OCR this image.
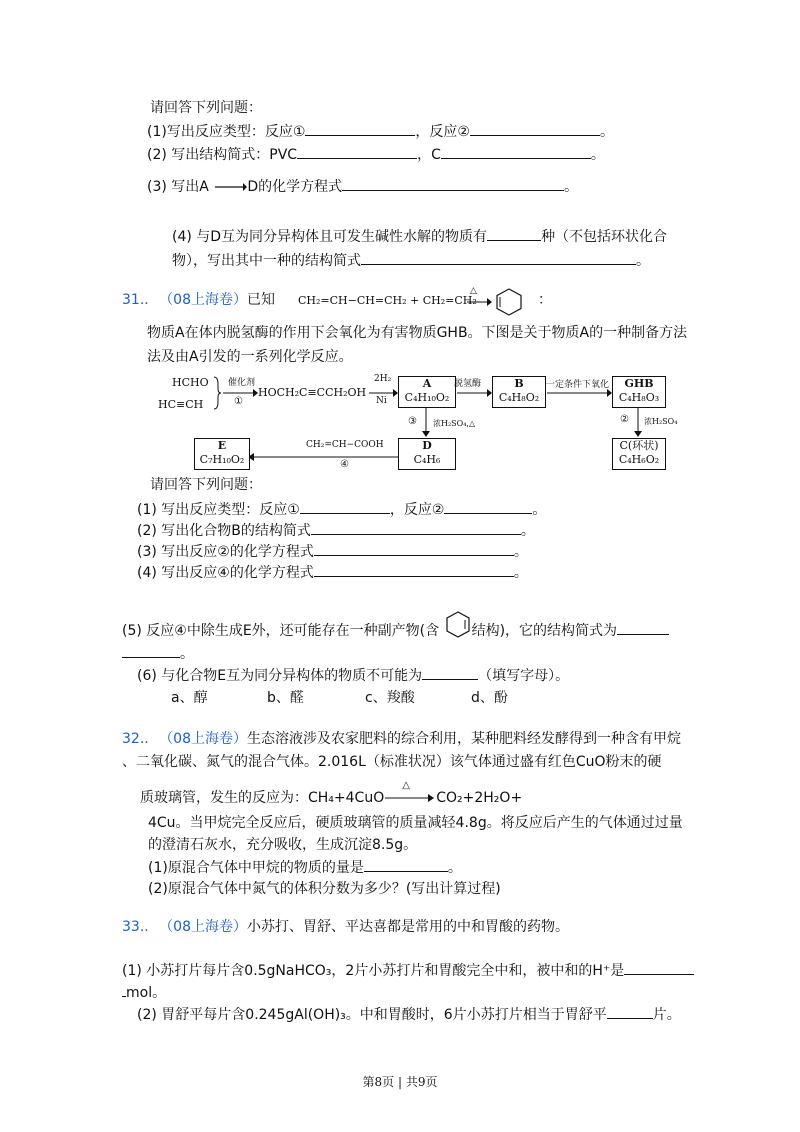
请回答下列问题：
(1)写出反应类型：反应①	，反应②	。
(2) 写出结构简式：PVC	，C	。
(3) 写出A	D的化学方程式	。
(4) 与D互为同分异构体且可发生碱性水解的物质有	种（不包括环状化合
物），写出其中一种的结构简式	。
31.. （08上海卷）已知 CH₂=CH−CH=CH₂ + CH₂=CH₂
△
：
物质A在体内脱氢酶的作用下会氧化为有害物质GHB。下图是关于物质A的一种制备方法
法及由A引发的一系列化学反应。
HCHO
HC≡CH
催化剂
①
HOCH₂C≡CCH₂OH
2H₂
Ni
A
C₄H₁₀O₂
脱氢酶	B
C₄H₈O₂
一定条件下氧化	GHB
C₄H₈O₃
③ 浓H₂SO₄,△
D
C₄H₆
CH₂=CH−COOH
④
E
C₇H₁₀O₂
② 浓H₂SO₄
C(环状)
C₄H₆O₂
请回答下列问题：
(1) 写出反应类型：反应①	，反应②	。
(2) 写出化合物B的结构简式	。
(3) 写出反应②的化学方程式	。
(4) 写出反应④的化学方程式	。
(5) 反应④中除生成E外，还可能存在一种副产物(含 结构)，它的结构简式为
。
(6) 与化合物E互为同分异构体的物质不可能为	（填写字母）。
a、醇	b、醛	c、羧酸	d、酚
32.. （08上海卷）生态溶液涉及农家肥料的综合利用，某种肥料经发酵得到一种含有甲烷
、二氧化碳、氮气的混合气体。2.016L（标准状况）该气体通过盛有红色CuO粉末的硬
质玻璃管，发生的反应为：CH₄+4CuO
△
CO₂+2H₂O+
4Cu。当甲烷完全反应后，硬质玻璃管的质量减轻4.8g。将反应后产生的气体通过过量
的澄清石灰水，充分吸收，生成沉淀8.5g。
(1)原混合气体中甲烷的物质的量是	。
(2)原混合气体中氮气的体积分数为多少？(写出计算过程)
33.. （08上海卷）小苏打、胃舒、平达喜都是常用的中和胃酸的药物。
(1) 小苏打片每片含0.5gNaHCO₃，2片小苏打片和胃酸完全中和，被中和的H⁺是
mol。
(2) 胃舒平每片含0.245gAl(OH)₃。中和胃酸时，6片小苏打片相当于胃舒平	片。
第8页 | 共9页
